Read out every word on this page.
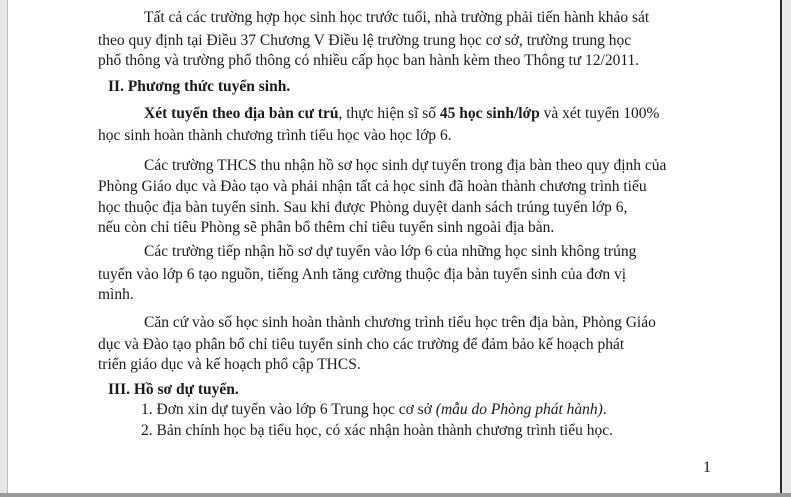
Tất cả các trường hợp học sinh học trước tuổi, nhà trường phải tiến hành khảo sát
theo quy định tại Điều 37 Chương V Điều lệ trường trung học cơ sở, trường trung học
phổ thông và trường phổ thông có nhiều cấp học ban hành kèm theo Thông tư 12/2011.
II. Phương thức tuyển sinh.
Xét tuyển theo địa bàn cư trú, thực hiện sĩ số 45 học sinh/lớp và xét tuyển 100%
học sinh hoàn thành chương trình tiểu học vào học lớp 6.
Các trường THCS thu nhận hồ sơ học sinh dự tuyển trong địa bàn theo quy định của
Phòng Giáo dục và Đào tạo và phải nhận tất cả học sinh đã hoàn thành chương trình tiểu
học thuộc địa bàn tuyển sinh. Sau khi được Phòng duyệt danh sách trúng tuyển lớp 6,
nếu còn chỉ tiêu Phòng sẽ phân bổ thêm chỉ tiêu tuyển sinh ngoài địa bàn.
Các trường tiếp nhận hồ sơ dự tuyển vào lớp 6 của những học sinh không trúng
tuyển vào lớp 6 tạo nguồn, tiếng Anh tăng cường thuộc địa bàn tuyển sinh của đơn vị
mình.
Căn cứ vào số học sinh hoàn thành chương trình tiểu học trên địa bàn, Phòng Giáo
dục và Đào tạo phân bổ chỉ tiêu tuyển sinh cho các trường để đảm bảo kế hoạch phát
triển giáo dục và kế hoạch phổ cập THCS.
III. Hồ sơ dự tuyển.
1. Đơn xin dự tuyển vào lớp 6 Trung học cơ sở (mẫu do Phòng phát hành).
2. Bản chính học bạ tiểu học, có xác nhận hoàn thành chương trình tiểu học.
1
